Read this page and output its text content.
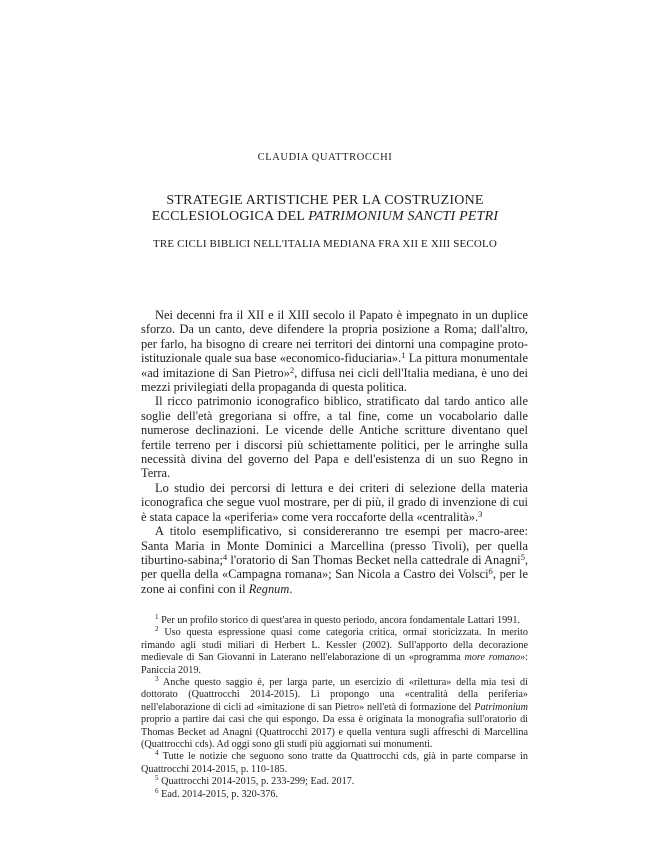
CLAUDIA QUATTROCCHI
STRATEGIE ARTISTICHE PER LA COSTRUZIONE
ECCLESIOLOGICA DEL PATRIMONIUM SANCTI PETRI
TRE CICLI BIBLICI NELL'ITALIA MEDIANA FRA XII E XIII SECOLO

Nei decenni fra il XII e il XIII secolo il Papato è impegnato in un duplice sforzo. Da un canto, deve difendere la propria posizione a Roma; dall'altro, per farlo, ha bisogno di creare nei territori dei dintorni una compagine proto-istituzionale quale sua base «economico-fiduciaria».$^1$ La pittura monumentale «ad imitazione di San Pietro»$^2$, diffusa nei cicli dell'Italia mediana, è uno dei mezzi privilegiati della propaganda di questa politica.

Il ricco patrimonio iconografico biblico, stratificato dal tardo antico alle soglie dell'età gregoriana si offre, a tal fine, come un vocabolario dalle numerose declinazioni. Le vicende delle Antiche scritture diventano quel fertile terreno per i discorsi più schiettamente politici, per le arringhe sulla necessità divina del governo del Papa e dell'esistenza di un suo Regno in Terra.

Lo studio dei percorsi di lettura e dei criteri di selezione della materia iconografica che segue vuol mostrare, per di più, il grado di invenzione di cui è stata capace la «periferia» come vera roccaforte della «centralità».$^3$

A titolo esemplificativo, si considereranno tre esempi per macro-aree: Santa Maria in Monte Dominici a Marcellina (presso Tivoli), per quella tiburtino-sabina;$^4$ l'oratorio di San Thomas Becket nella cattedrale di Anagni$^5$, per quella della «Campagna romana»; San Nicola a Castro dei Volsci$^6$, per le zone ai confini con il Regnum.

$^1$ Per un profilo storico di quest'area in questo periodo, ancora fondamentale Lattari 1991.

$^2$ Uso questa espressione quasi come categoria critica, ormai storicizzata. In merito rimando agli studi miliari di Herbert L. Kessler (2002). Sull'apporto della decorazione medievale di San Giovanni in Laterano nell'elaborazione di un «programma more romano»: Paniccia 2019.

$^3$ Anche questo saggio è, per larga parte, un esercizio di «rilettura» della mia tesi di dottorato (Quattrocchi 2014-2015). Lì propongo una «centralità della periferia» nell'elaborazione di cicli ad «imitazione di san Pietro» nell'età di formazione del Patrimonium proprio a partire dai casi che qui espongo. Da essa è originata la monografia sull'oratorio di Thomas Becket ad Anagni (Quattrocchi 2017) e quella ventura sugli affreschi di Marcellina (Quattrocchi cds). Ad oggi sono gli studi più aggiornati sui monumenti.

$^4$ Tutte le notizie che seguono sono tratte da Quattrocchi cds, già in parte comparse in Quattrocchi 2014-2015, p. 110-185.

$^5$ Quattrocchi 2014-2015, p. 233-299; Ead. 2017.

$^6$ Ead. 2014-2015, p. 320-376.
